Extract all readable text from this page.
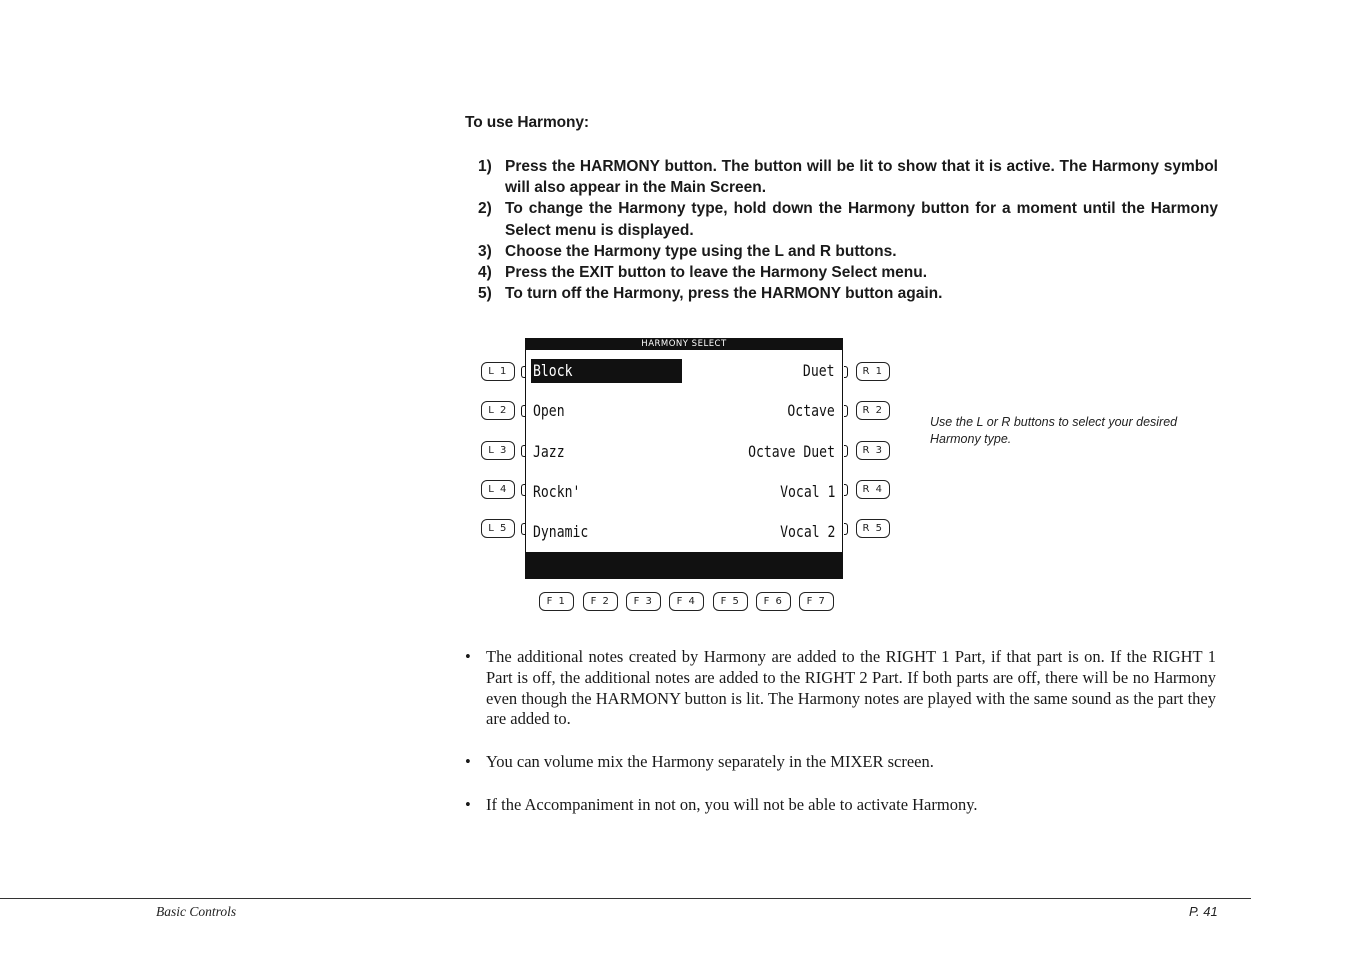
To use Harmony:
1) Press the HARMONY button. The button will be lit to show that it is active. The Harmony symbol will also appear in the Main Screen.
2) To change the Harmony type, hold down the Harmony button for a moment until the Harmony Select menu is displayed.
3) Choose the Harmony type using the L and R buttons.
4) Press the EXIT button to leave the Harmony Select menu.
5) To turn off the Harmony, press the HARMONY button again.
L 1
L 2
L 3
L 4
L 5
HARMONY SELECT
Block
Open
Jazz
Rockn'
Dynamic
Duet
Octave
Octave Duet
Vocal 1
Vocal 2
R 1
R 2
R 3
R 4
R 5
F 1	F 2	F 3	F 4	F 5	F 6	F 7
Use the L or R buttons to select your desired Harmony type.
• The additional notes created by Harmony are added to the RIGHT 1 Part, if that part is on. If the RIGHT 1 Part is off, the additional notes are added to the RIGHT 2 Part. If both parts are off, there will be no Harmony even though the HARMONY button is lit. The Harmony notes are played with the same sound as the part they are added to.
• You can volume mix the Harmony separately in the MIXER screen.
• If the Accompaniment in not on, you will not be able to activate Harmony.
Basic Controls	P. 41
